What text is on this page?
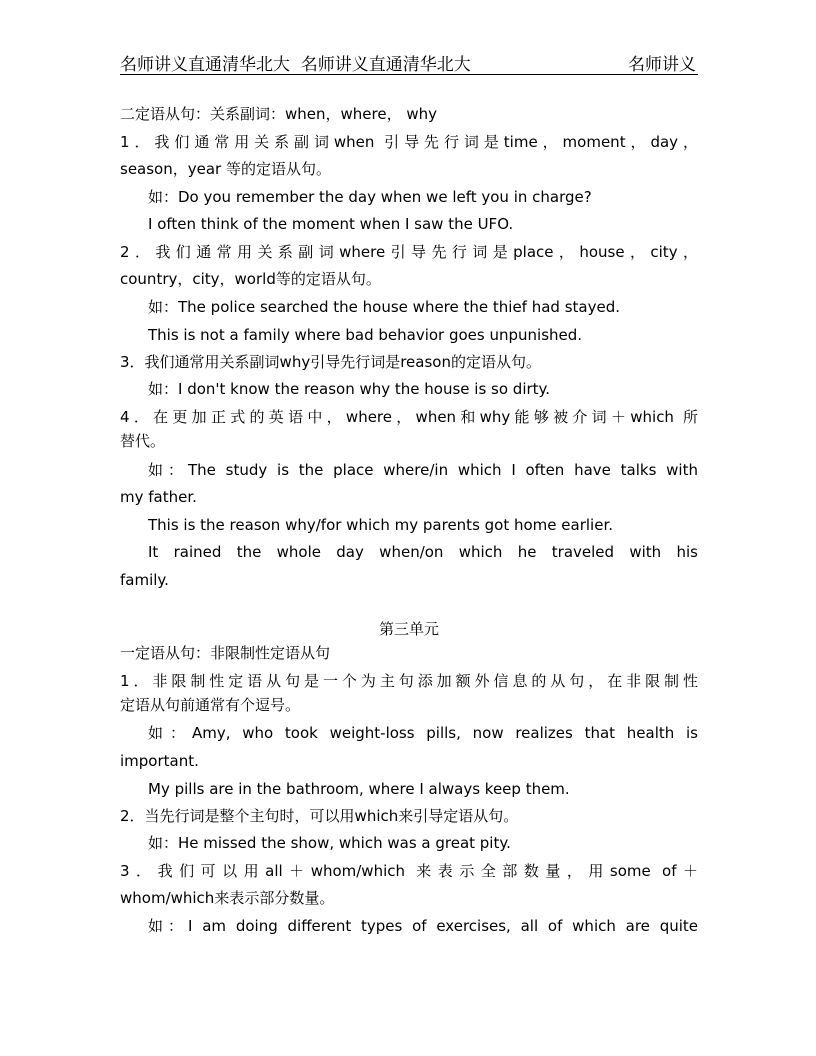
名师讲义直通清华北大  名师讲义直通清华北大	名师讲义
二定语从句：关系副词：when，where， why
1．我们通常用关系副词when 引导先行词是time，moment，day，
season，year 等的定语从句。
如：Do you remember the day when we left you in charge?
I often think of the moment when I saw the UFO.
2．我们通常用关系副词where引导先行词是place，house，city，
country，city，world等的定语从句。
如：The police searched the house where the thief had stayed.
This is not a family where bad behavior goes unpunished.
3．我们通常用关系副词why引导先行词是reason的定语从句。
如：I don't know the reason why the house is so dirty.
4．在更加正式的英语中，where，when和why能够被介词＋which 所
替代。
如：The study is the place where/in which I often have talks with
my father.
This is the reason why/for which my parents got home earlier.
It rained the whole day when/on which he traveled with his
family.
第三单元
一定语从句：非限制性定语从句
1．非限制性定语从句是一个为主句添加额外信息的从句，在非限制性
定语从句前通常有个逗号。
如：Amy, who took weight-loss pills, now realizes that health is
important.
My pills are in the bathroom, where I always keep them.
2．当先行词是整个主句时，可以用which来引导定语从句。
如：He missed the show, which was a great pity.
3．我们可以用all＋whom/which 来表示全部数量，用some of＋
whom/which来表示部分数量。
如：I am doing different types of exercises, all of which are quite
